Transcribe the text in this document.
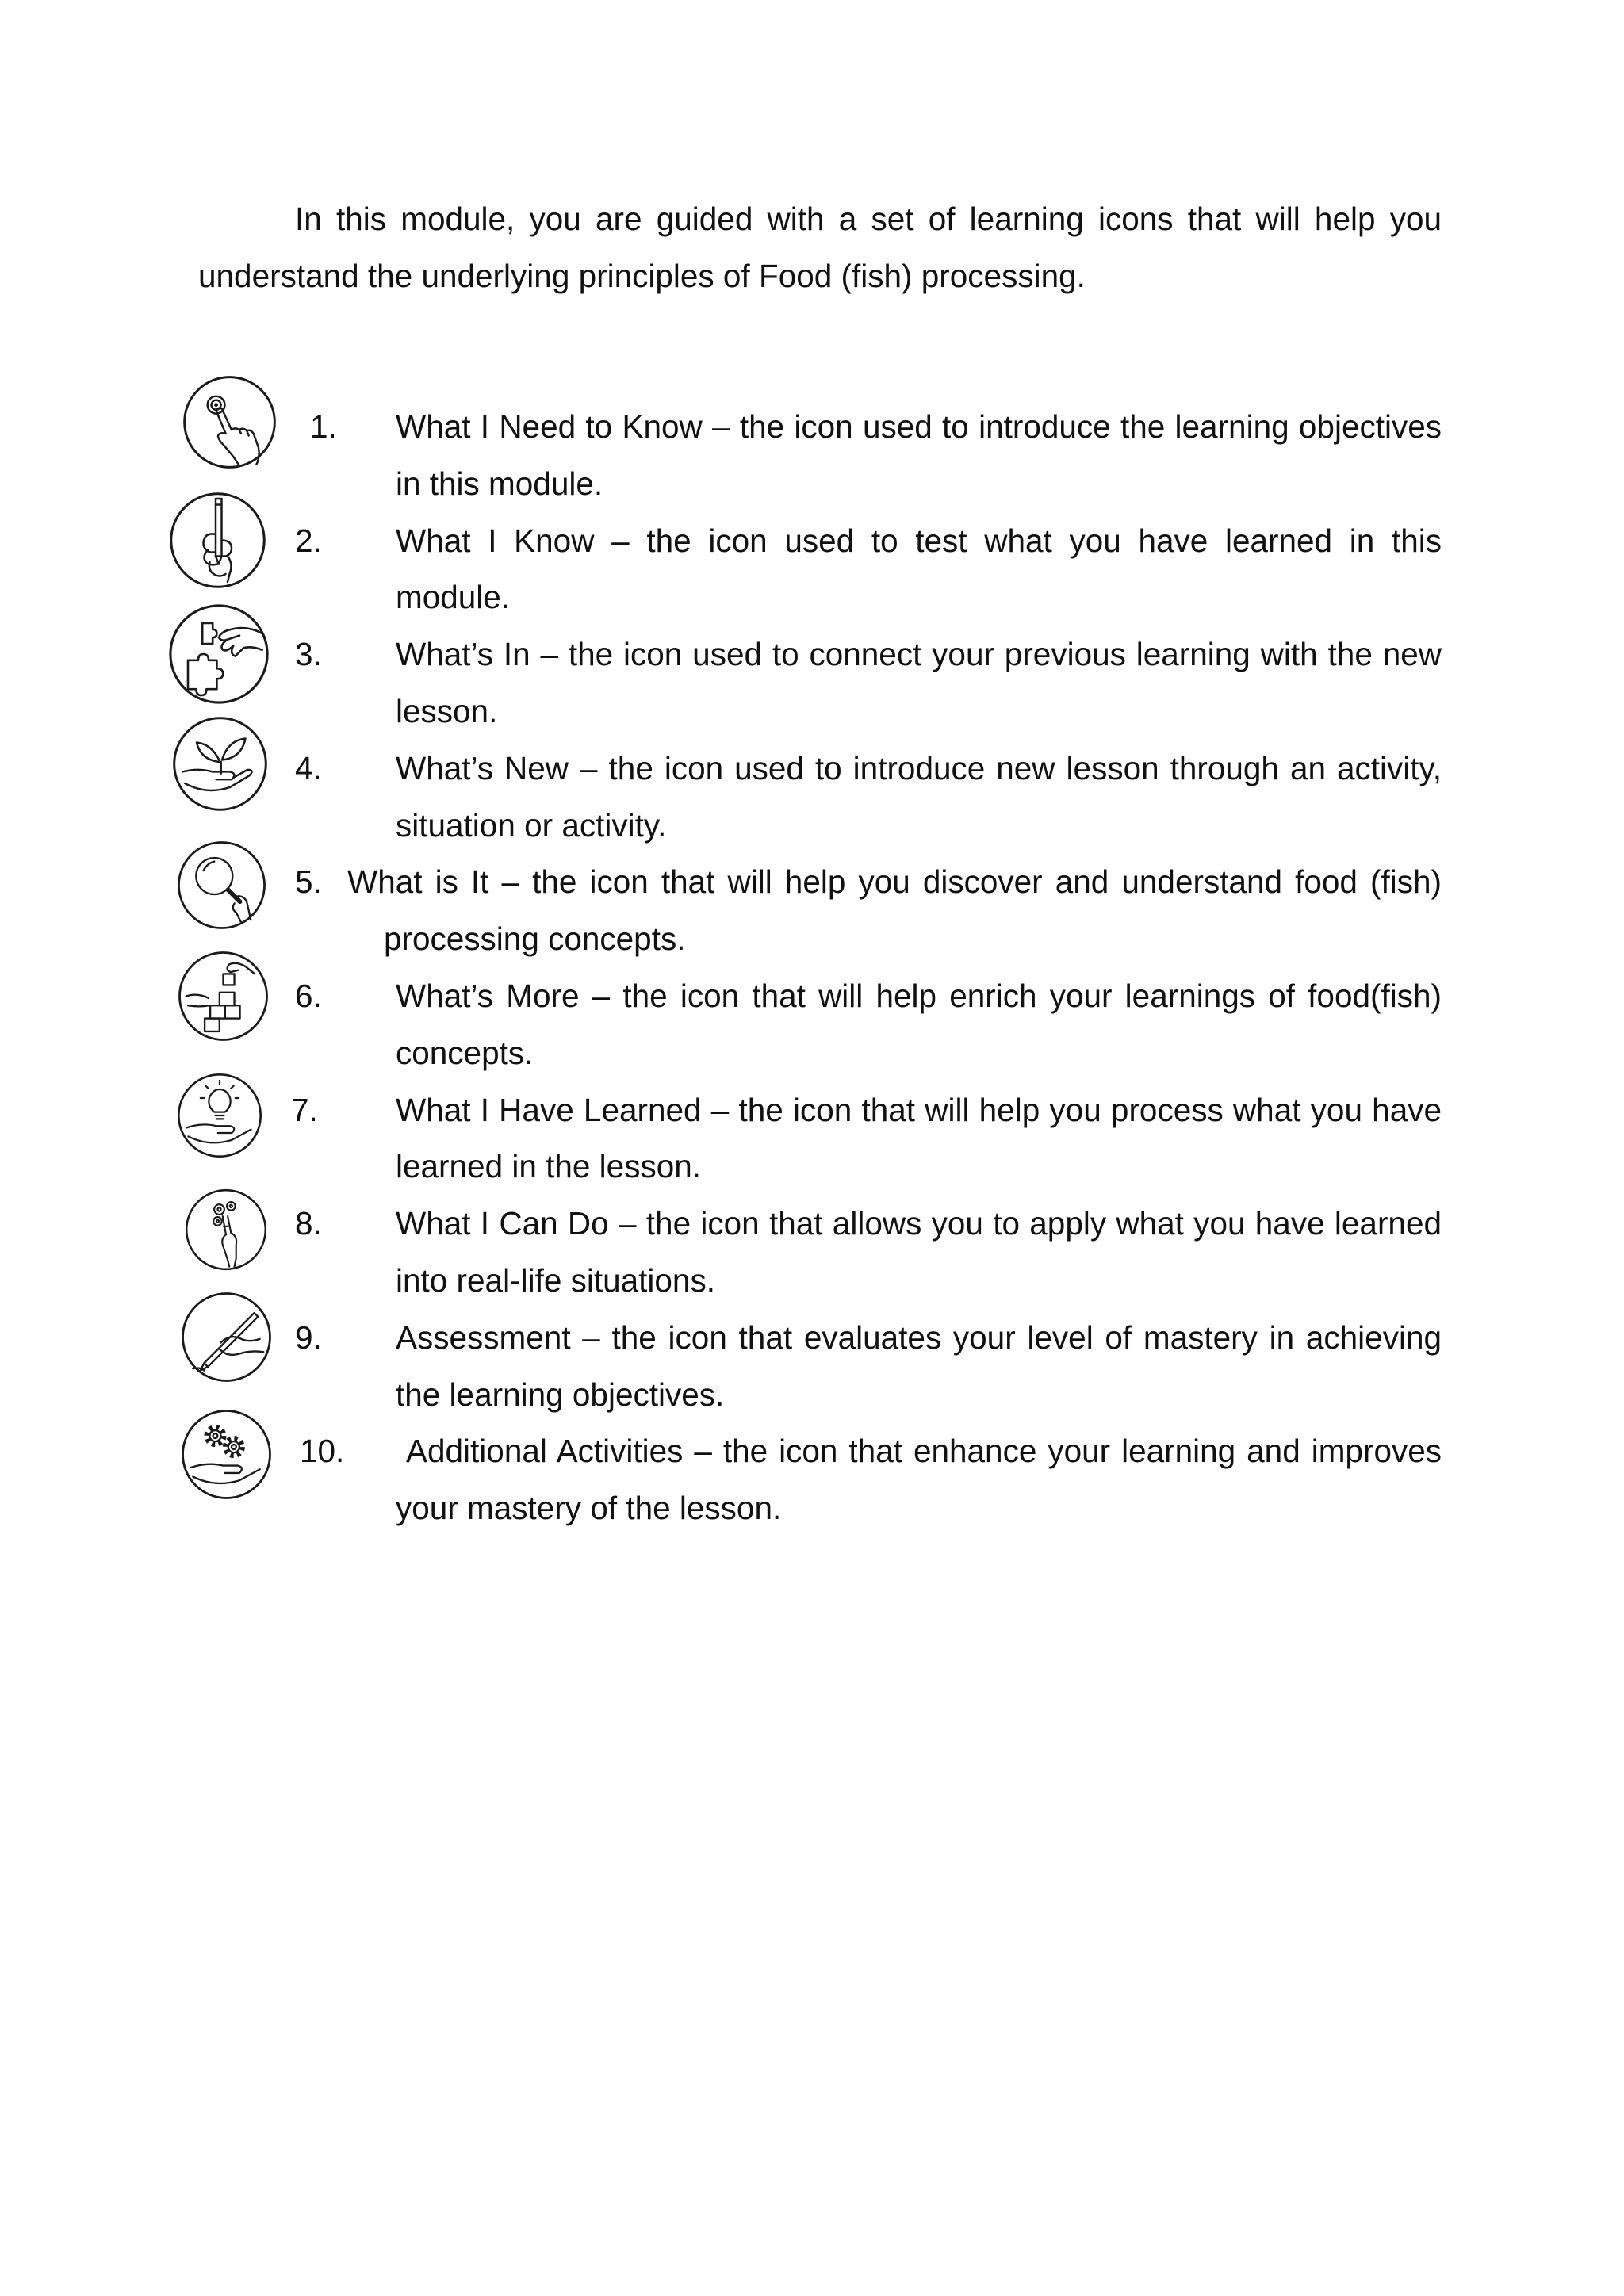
In this module, you are guided with a set of learning icons that will help you
understand the underlying principles of Food (fish) processing.
1. What I Need to Know – the icon used to introduce the learning objectives
in this module.
2. What I Know – the icon used to test what you have learned in this
module.
3. What’s In – the icon used to connect your previous learning with the new
lesson.
4. What’s New – the icon used to introduce new lesson through an activity,
situation or activity.
5. What is It – the icon that will help you discover and understand food (fish)
processing concepts.
6. What’s More – the icon that will help enrich your learnings of food(fish)
concepts.
7. What I Have Learned – the icon that will help you process what you have
learned in the lesson.
8. What I Can Do – the icon that allows you to apply what you have learned
into real-life situations.
9. Assessment – the icon that evaluates your level of mastery in achieving
the learning objectives.
10. Additional Activities – the icon that enhance your learning and improves
your mastery of the lesson.
